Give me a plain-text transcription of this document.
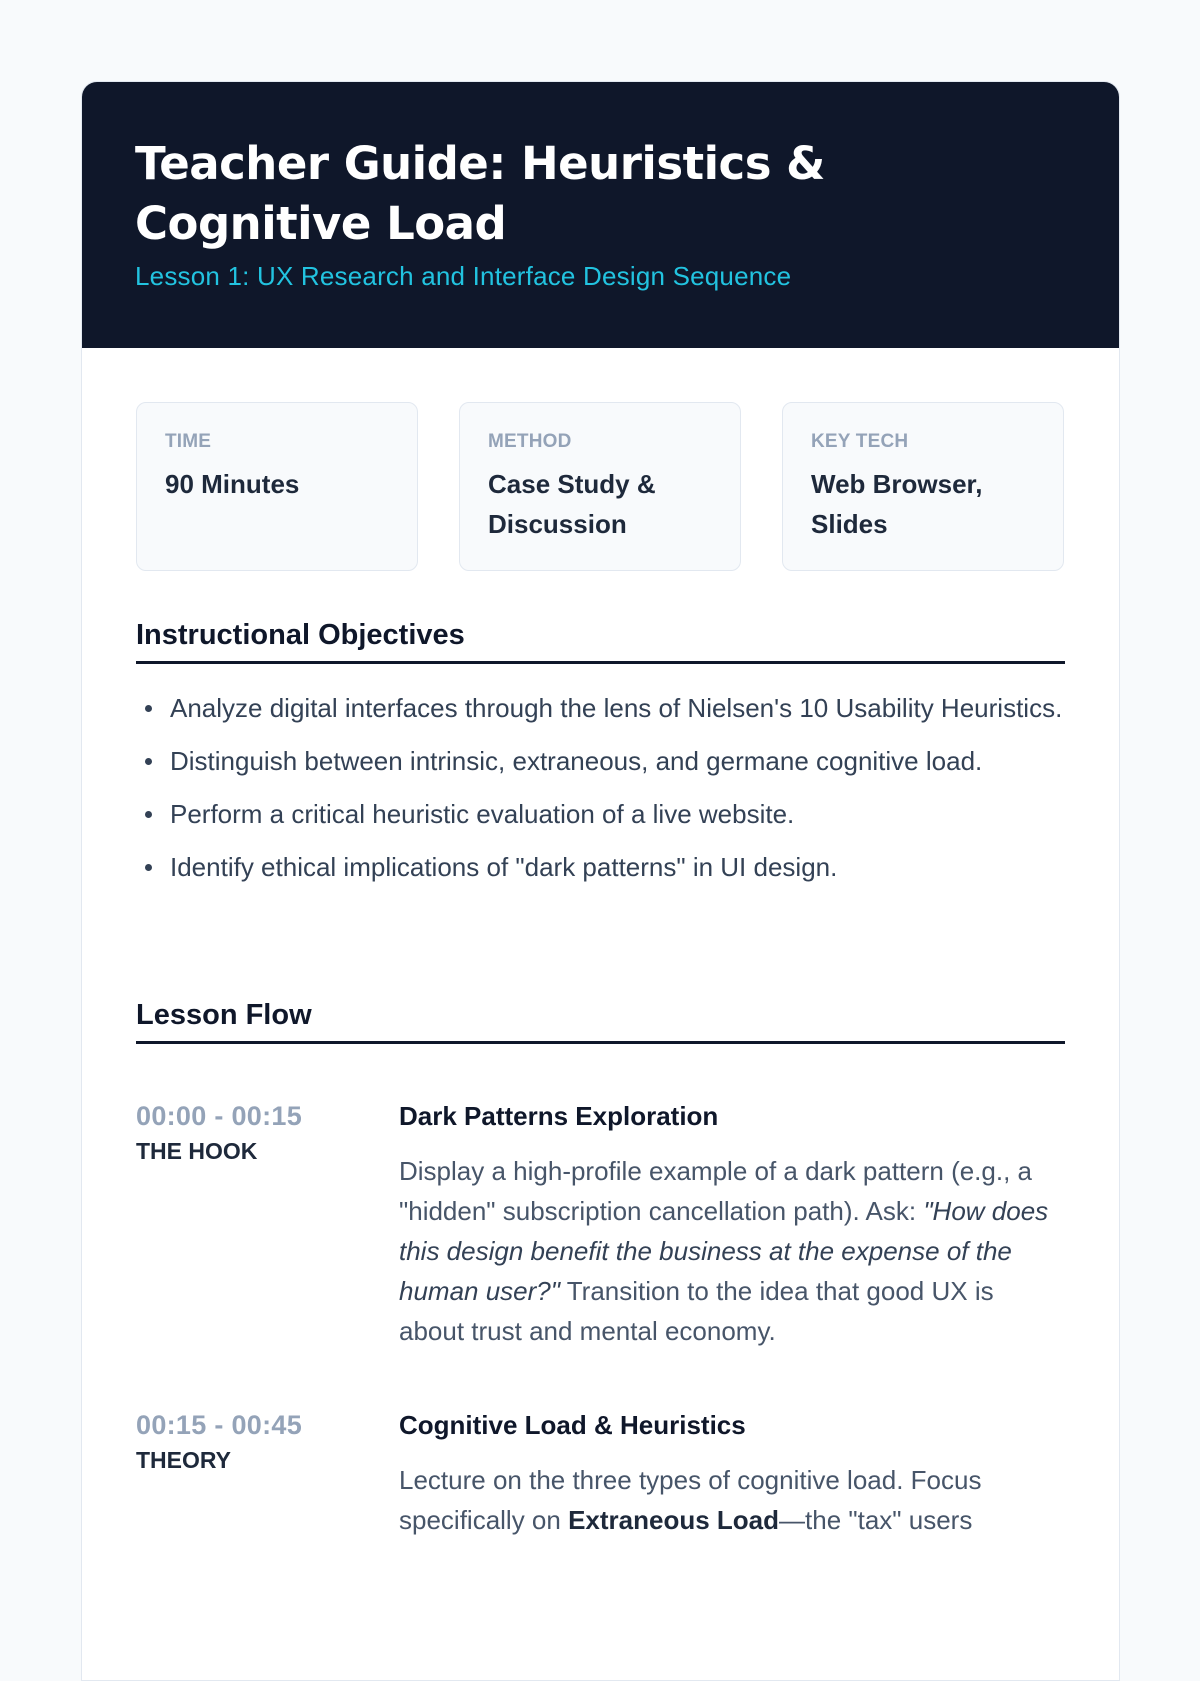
Teacher Guide: Heuristics & Cognitive Load
Lesson 1: UX Research and Interface Design Sequence
TIME
90 Minutes
METHOD
Case Study & Discussion
KEY TECH
Web Browser, Slides
Instructional Objectives
Analyze digital interfaces through the lens of Nielsen's 10 Usability Heuristics.
Distinguish between intrinsic, extraneous, and germane cognitive load.
Perform a critical heuristic evaluation of a live website.
Identify ethical implications of "dark patterns" in UI design.
Lesson Flow
00:00 - 00:15
THE HOOK
Dark Patterns Exploration

Display a high-profile example of a dark pattern (e.g., a "hidden" subscription cancellation path). Ask: "How does this design benefit the business at the expense of the human user?" Transition to the idea that good UX is about trust and mental economy.

00:15 - 00:45
THEORY
Cognitive Load & Heuristics

Lecture on the three types of cognitive load. Focus specifically on Extraneous Load—the "tax" users
